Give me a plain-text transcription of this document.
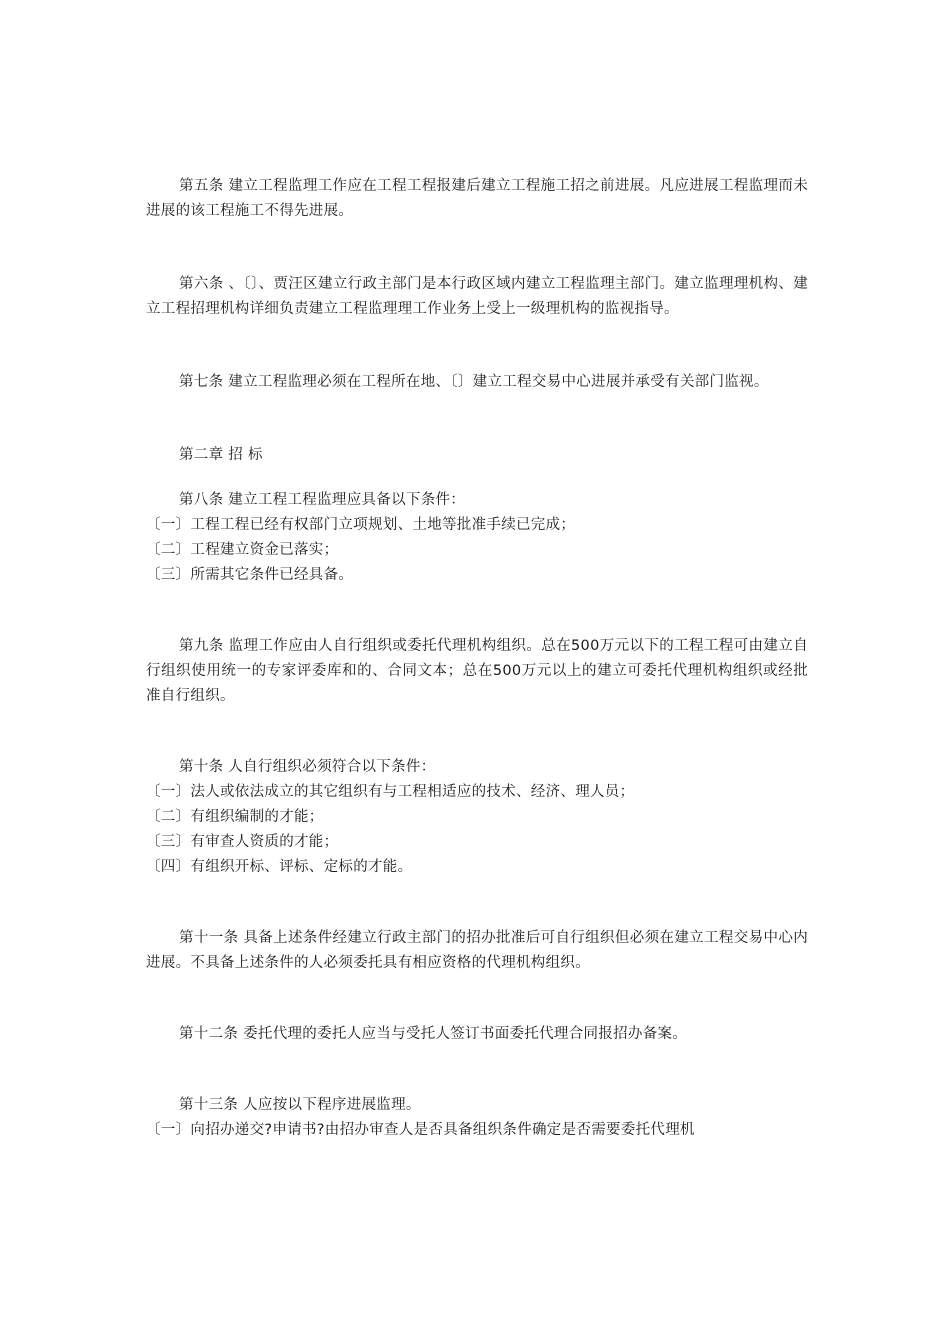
第五条 建立工程监理工作应在工程工程报建后建立工程施工招之前进展。凡应进展工程监理而未进展的该工程施工不得先进展。

第六条 、〔〕、贾汪区建立行政主部门是本行政区域内建立工程监理主部门。建立监理理机构、建立工程招理机构详细负责建立工程监理理工作业务上受上一级理机构的监视指导。

第七条 建立工程监理必须在工程所在地、〔〕建立工程交易中心进展并承受有关部门监视。

第二章 招 标

第八条 建立工程工程监理应具备以下条件：

〔一〕工程工程已经有权部门立项规划、土地等批准手续已完成；

〔二〕工程建立资金已落实；

〔三〕所需其它条件已经具备。

第九条 监理工作应由人自行组织或委托代理机构组织。总在500万元以下的工程工程可由建立自行组织使用统一的专家评委库和的、合同文本；总在500万元以上的建立可委托代理机构组织或经批准自行组织。

第十条 人自行组织必须符合以下条件：

〔一〕法人或依法成立的其它组织有与工程相适应的技术、经济、理人员；

〔二〕有组织编制的才能；

〔三〕有审查人资质的才能；

〔四〕有组织开标、评标、定标的才能。

第十一条 具备上述条件经建立行政主部门的招办批准后可自行组织但必须在建立工程交易中心内进展。不具备上述条件的人必须委托具有相应资格的代理机构组织。

第十二条 委托代理的委托人应当与受托人签订书面委托代理合同报招办备案。

第十三条 人应按以下程序进展监理。

〔一〕向招办递交?申请书?由招办审查人是否具备组织条件确定是否需要委托代理机
